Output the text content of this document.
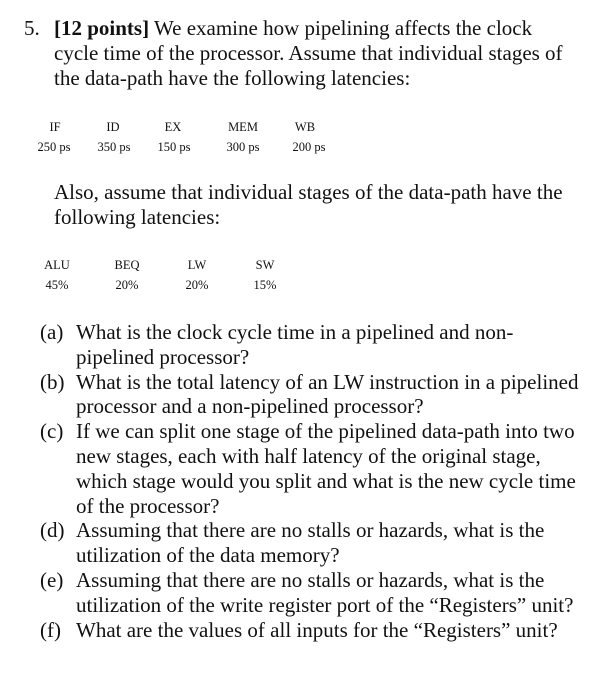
5. [12 points] We examine how pipelining affects the clock cycle time of the processor. Assume that individual stages of the data-path have the following latencies:
IF	ID	EX	MEM	WB
250 ps	350 ps	150 ps	300 ps	200 ps
Also, assume that individual stages of the data-path have the following latencies:
ALU	BEQ	LW	SW
45%	20%	20%	15%
(a) What is the clock cycle time in a pipelined and non-pipelined processor?
(b) What is the total latency of an LW instruction in a pipelined processor and a non-pipelined processor?
(c) If we can split one stage of the pipelined data-path into two new stages, each with half latency of the original stage, which stage would you split and what is the new cycle time of the processor?
(d) Assuming that there are no stalls or hazards, what is the utilization of the data memory?
(e) Assuming that there are no stalls or hazards, what is the utilization of the write register port of the “Registers” unit?
(f) What are the values of all inputs for the “Registers” unit?
